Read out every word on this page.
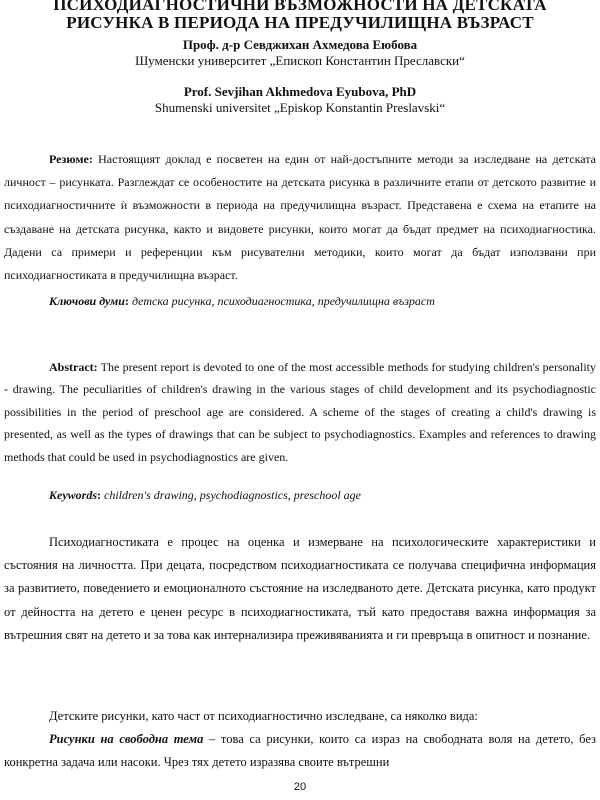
ПСИХОДИАГНОСТИЧНИ ВЪЗМОЖНОСТИ НА ДЕТСКАТА
РИСУНКА В ПЕРИОДА НА ПРЕДУЧИЛИЩНА ВЪЗРАСТ
Проф. д-р Севджихан Ахмедова Еюбова
Шуменски университет „Епископ Константин Преславски“
Prof. Sevjihan Akhmedova Eyubova, PhD
Shumenski universitet „Episkop Konstantin Preslavski“
Резюме: Настоящият доклад е посветен на един от най-достъпните методи за изследване на детската личност – рисунката. Разглеждат се особеностите на детската рисунка в различните етапи от детското развитие и психодиагностичните ѝ възможности в периода на предучилищна възраст. Представена е схема на етапите на създаване на детската рисунка, както и видовете рисунки, които могат да бъдат предмет на психодиагностика. Дадени са примери и референции към рисувателни методики, които могат да бъдат използвани при психодиагностиката в предучилищна възраст.
Ключови думи: детска рисунка, психодиагностика, предучилищна възраст
Abstract: The present report is devoted to one of the most accessible methods for studying children's personality - drawing. The peculiarities of children's drawing in the various stages of child development and its psychodiagnostic possibilities in the period of preschool age are considered. A scheme of the stages of creating a child's drawing is presented, as well as the types of drawings that can be subject to psychodiagnostics. Examples and references to drawing methods that could be used in psychodiagnostics are given.
Keywords: children's drawing, psychodiagnostics, preschool age
Психодиагностиката е процес на оценка и измерване на психологическите характеристики и състояния на личността. При децата, посредством психодиагностиката се получава специфична информация за развитието, поведението и емоционалното състояние на изследваното дете. Детската рисунка, като продукт от дейността на детето е ценен ресурс в психодиагностиката, тъй като предоставя важна информация за вътрешния свят на детето и за това как интернализира преживяванията и ги превръща в опитност и познание.
Детските рисунки, като част от психодиагностично изследване, са няколко вида:
Рисунки на свободна тема – това са рисунки, които са израз на свободната воля на детето, без конкретна задача или насоки. Чрез тях детето изразява своите вътрешни
20
